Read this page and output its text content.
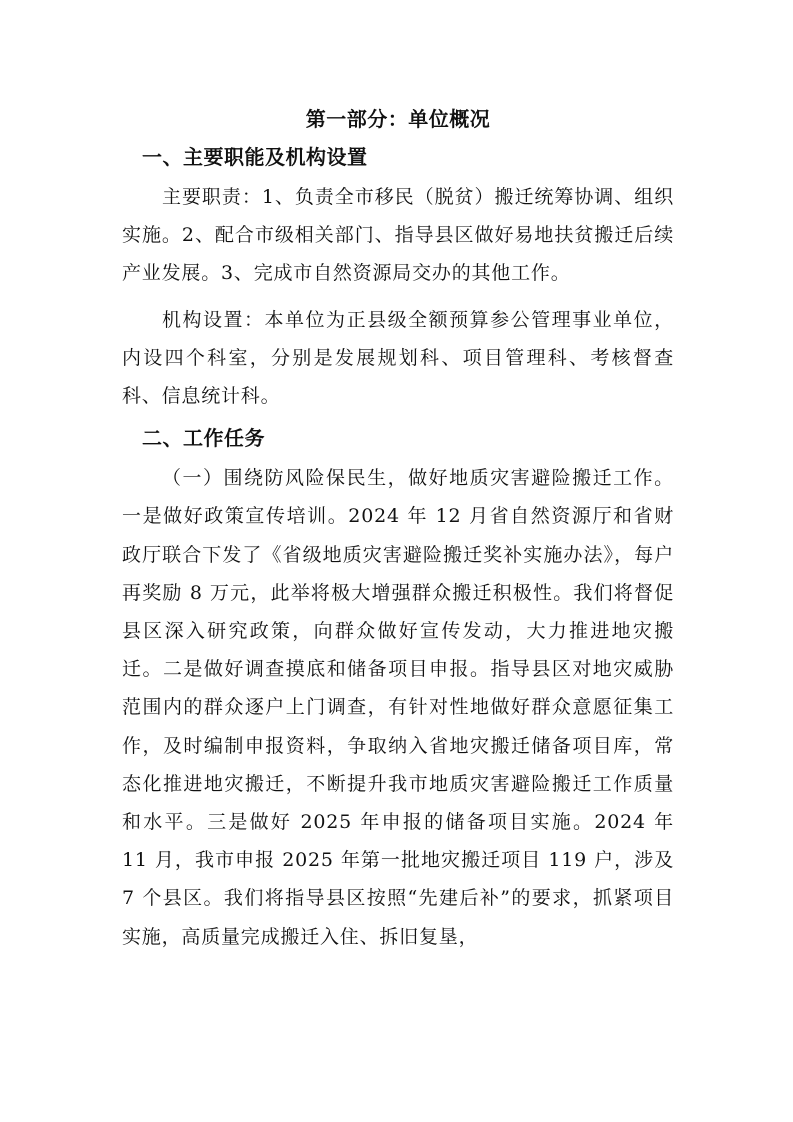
第一部分：单位概况
一、主要职能及机构设置

主要职责：1、负责全市移民（脱贫）搬迁统筹协调、组织实施。2、配合市级相关部门、指导县区做好易地扶贫搬迁后续产业发展。3、完成市自然资源局交办的其他工作。

机构设置：本单位为正县级全额预算参公管理事业单位，内设四个科室，分别是发展规划科、项目管理科、考核督查科、信息统计科。

二、工作任务

（一）围绕防风险保民生，做好地质灾害避险搬迁工作。一是做好政策宣传培训。2024 年 12 月省自然资源厅和省财政厅联合下发了《省级地质灾害避险搬迁奖补实施办法》，每户再奖励 8 万元，此举将极大增强群众搬迁积极性。我们将督促县区深入研究政策，向群众做好宣传发动，大力推进地灾搬迁。二是做好调查摸底和储备项目申报。指导县区对地灾威胁范围内的群众逐户上门调查，有针对性地做好群众意愿征集工作，及时编制申报资料，争取纳入省地灾搬迁储备项目库，常态化推进地灾搬迁，不断提升我市地质灾害避险搬迁工作质量和水平。三是做好 2025 年申报的储备项目实施。2024 年 11 月，我市申报 2025 年第一批地灾搬迁项目 119 户，涉及 7 个县区。我们将指导县区按照“先建后补”的要求，抓紧项目实施，高质量完成搬迁入住、拆旧复垦，
